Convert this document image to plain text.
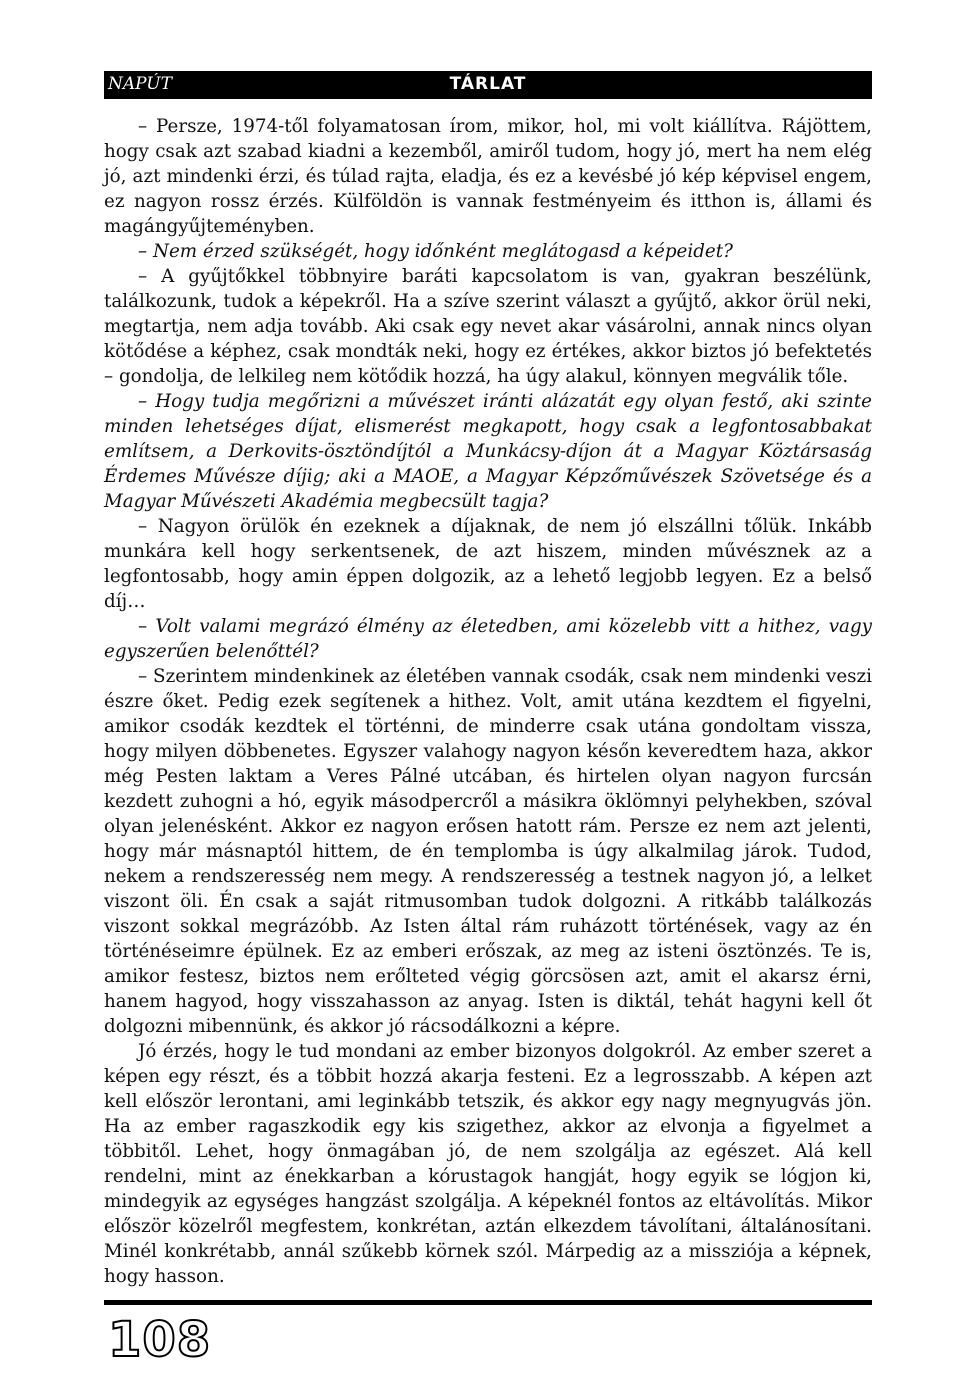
NAPÚT	TÁRLAT

– Persze, 1974-től folyamatosan írom, mikor, hol, mi volt kiállítva. Rájöttem, hogy csak azt szabad kiadni a kezemből, amiről tudom, hogy jó, mert ha nem elég jó, azt mindenki érzi, és túlad rajta, eladja, és ez a kevésbé jó kép képvisel engem, ez nagyon rossz érzés. Külföldön is vannak festményeim és itthon is, állami és magángyűjteményben.

– Nem érzed szükségét, hogy időnként meglátogasd a képeidet?

– A gyűjtőkkel többnyire baráti kapcsolatom is van, gyakran beszélünk, találkozunk, tudok a képekről. Ha a szíve szerint választ a gyűjtő, akkor örül neki, megtartja, nem adja tovább. Aki csak egy nevet akar vásárolni, annak nincs olyan kötődése a képhez, csak mondták neki, hogy ez értékes, akkor biztos jó befektetés – gondolja, de lelkileg nem kötődik hozzá, ha úgy alakul, könnyen megválik tőle.

– Hogy tudja megőrizni a művészet iránti alázatát egy olyan festő, aki szinte minden lehetséges díjat, elismerést megkapott, hogy csak a legfontosabbakat említsem, a Derkovits-ösztöndíjtól a Munkácsy-díjon át a Magyar Köztársaság Érdemes Művésze díjig; aki a MAOE, a Magyar Képzőművészek Szövetsége és a Magyar Művészeti Akadémia megbecsült tagja?

– Nagyon örülök én ezeknek a díjaknak, de nem jó elszállni tőlük. Inkább munkára kell hogy serkentsenek, de azt hiszem, minden művésznek az a legfontosabb, hogy amin éppen dolgozik, az a lehető legjobb legyen. Ez a belső díj…

– Volt valami megrázó élmény az életedben, ami közelebb vitt a hithez, vagy egyszerűen belenőttél?

– Szerintem mindenkinek az életében vannak csodák, csak nem mindenki veszi észre őket. Pedig ezek segítenek a hithez. Volt, amit utána kezdtem el figyelni, amikor csodák kezdtek el történni, de minderre csak utána gondoltam vissza, hogy milyen döbbenetes. Egyszer valahogy nagyon későn keveredtem haza, akkor még Pesten laktam a Veres Pálné utcában, és hirtelen olyan nagyon furcsán kezdett zuhogni a hó, egyik másodpercről a másikra öklömnyi pelyhekben, szóval olyan jelenésként. Akkor ez nagyon erősen hatott rám. Persze ez nem azt jelenti, hogy már másnaptól hittem, de én templomba is úgy alkalmilag járok. Tudod, nekem a rendszeresség nem megy. A rendszeresség a testnek nagyon jó, a lelket viszont öli. Én csak a saját ritmusomban tudok dolgozni. A ritkább találkozás viszont sokkal megrázóbb. Az Isten által rám ruházott történések, vagy az én történéseimre épülnek. Ez az emberi erőszak, az meg az isteni ösztönzés. Te is, amikor festesz, biztos nem erőlteted végig görcsösen azt, amit el akarsz érni, hanem hagyod, hogy visszahasson az anyag. Isten is diktál, tehát hagyni kell őt dolgozni mibennünk, és akkor jó rácsodálkozni a képre.

Jó érzés, hogy le tud mondani az ember bizonyos dolgokról. Az ember szeret a képen egy részt, és a többit hozzá akarja festeni. Ez a legrosszabb. A képen azt kell először lerontani, ami leginkább tetszik, és akkor egy nagy megnyugvás jön. Ha az ember ragaszkodik egy kis szigethez, akkor az elvonja a figyelmet a többitől. Lehet, hogy önmagában jó, de nem szolgálja az egészet. Alá kell rendelni, mint az énekkarban a kórustagok hangját, hogy egyik se lógjon ki, mindegyik az egységes hangzást szolgálja. A képeknél fontos az eltávolítás. Mikor először közelről megfestem, konkrétan, aztán elkezdem távolítani, általánosítani. Minél konkrétabb, annál szűkebb körnek szól. Márpedig az a missziója a képnek, hogy hasson.

108
